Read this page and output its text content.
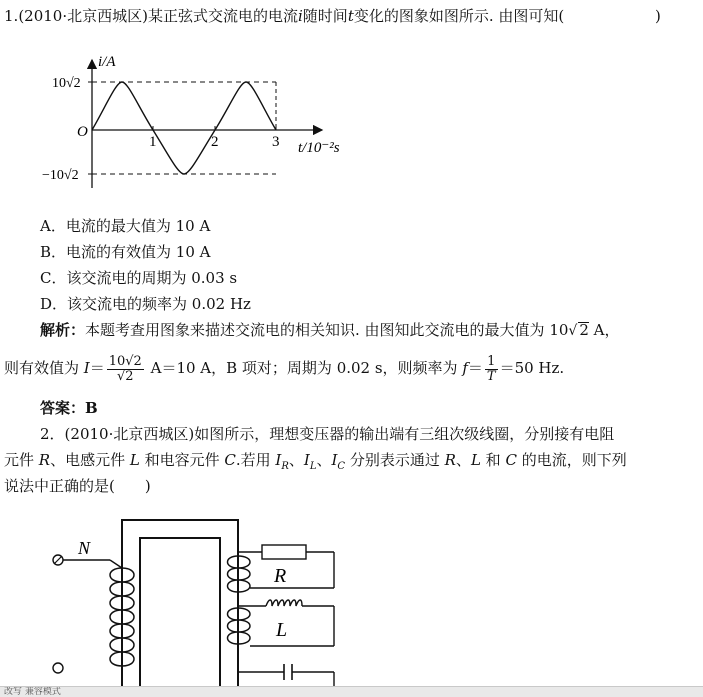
1.(2010·北京西城区)某正弦式交流电的电流i随时间t变化的图象如图所示. 由图可知(	)
i/A
10√2
−10√2
O
1	2	3 t/10⁻²s
A．电流的最大值为 10 A
B．电流的有效值为 10 A
C．该交流电的周期为 0.03 s
D．该交流电的频率为 0.02 Hz
解析：本题考查用图象来描述交流电的相关知识. 由图知此交流电的最大值为 10√ 2 A，
则有效值为 $I= \frac{10√2}{√2} A=10$ A，B 项对；周期为 0.02 s，则频率为 $f= \frac{1}{T} =50$ Hz.
答案：B
2．(2010·北京西城区)如图所示，理想变压器的输出端有三组次级线圈，分别接有电阻
元件 R、电感元件 L 和电容元件 C.若用 $I_R$、$I_L$、$I_C$ 分别表示通过 R、L 和 C 的电流，则下列
说法中正确的是(　　)
N
R
L
改写 兼容模式
